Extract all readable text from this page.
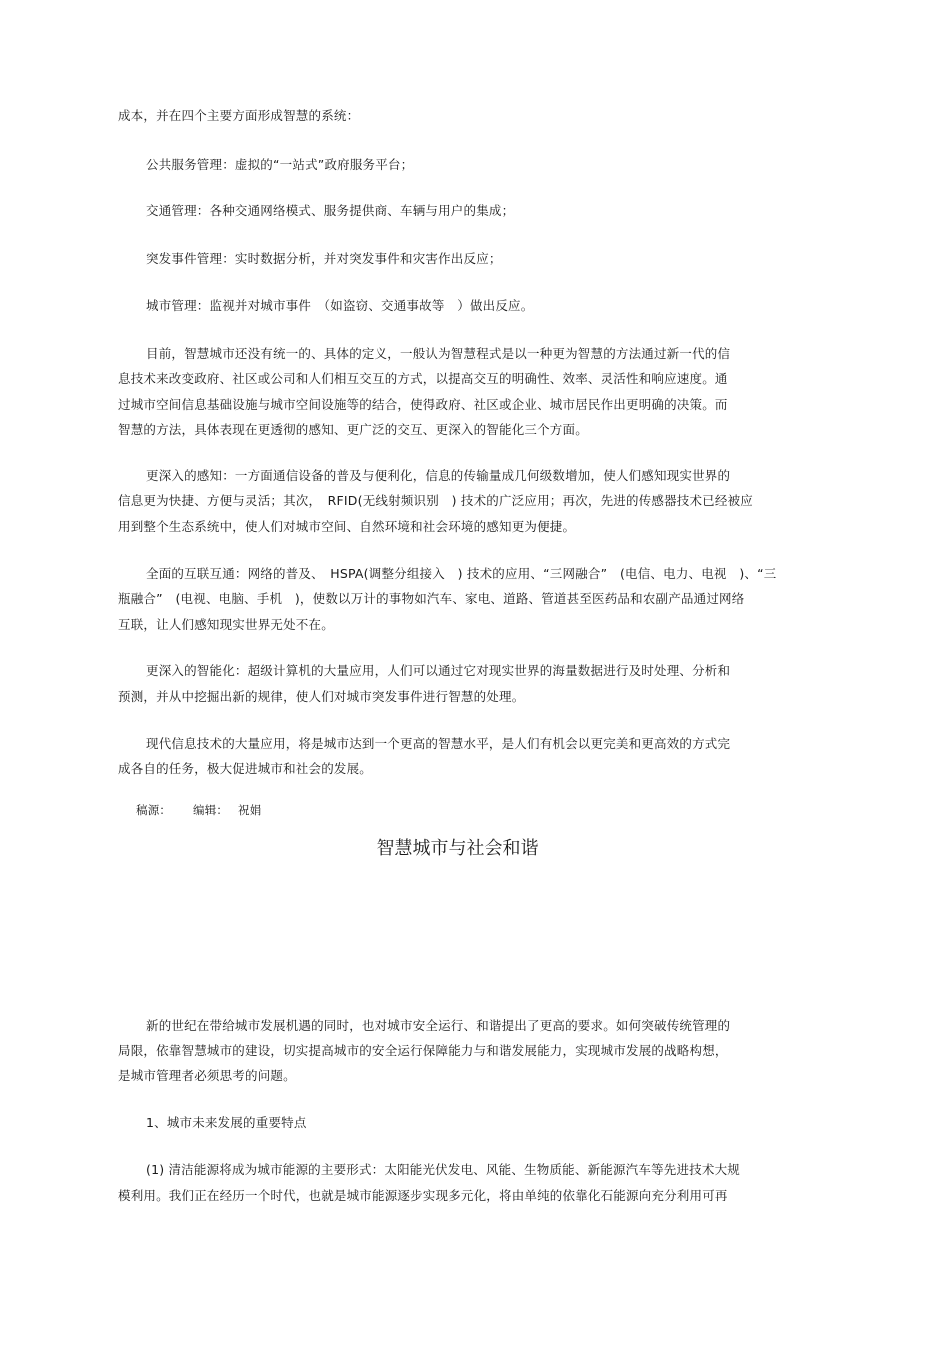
成本，并在四个主要方面形成智慧的系统：
公共服务管理：虚拟的“一站式”政府服务平台；
交通管理：各种交通网络模式、服务提供商、车辆与用户的集成；
突发事件管理：实时数据分析，并对突发事件和灾害作出反应；
城市管理：监视并对城市事件　（如盗窃、交通事故等　）做出反应。
目前，智慧城市还没有统一的、具体的定义，一般认为智慧程式是以一种更为智慧的方法通过新一代的信
息技术来改变政府、社区或公司和人们相互交互的方式，以提高交互的明确性、效率、灵活性和响应速度。通
过城市空间信息基础设施与城市空间设施等的结合，使得政府、社区或企业、城市居民作出更明确的决策。而
智慧的方法，具体表现在更透彻的感知、更广泛的交互、更深入的智能化三个方面。
更深入的感知：一方面通信设备的普及与便利化，信息的传输量成几何级数增加，使人们感知现实世界的
信息更为快捷、方便与灵活；其次，　RFID(无线射频识别　) 技术的广泛应用；再次，先进的传感器技术已经被应
用到整个生态系统中，使人们对城市空间、自然环境和社会环境的感知更为便捷。
全面的互联互通：网络的普及、　HSPA(调整分组接入　) 技术的应用、“三网融合”　(电信、电力、电视　)、“三
瓶融合”　(电视、电脑、手机　)，使数以万计的事物如汽车、家电、道路、管道甚至医药品和农副产品通过网络
互联，让人们感知现实世界无处不在。
更深入的智能化：超级计算机的大量应用，人们可以通过它对现实世界的海量数据进行及时处理、分析和
预测，并从中挖掘出新的规律，使人们对城市突发事件进行智慧的处理。
现代信息技术的大量应用，将是城市达到一个更高的智慧水平，是人们有机会以更完美和更高效的方式完
成各自的任务，极大促进城市和社会的发展。
稿源： 编辑： 祝娟
智慧城市与社会和谐
新的世纪在带给城市发展机遇的同时，也对城市安全运行、和谐提出了更高的要求。如何突破传统管理的
局限，依靠智慧城市的建设，切实提高城市的安全运行保障能力与和谐发展能力，实现城市发展的战略构想，
是城市管理者必须思考的问题。
1、城市未来发展的重要特点
(1) 清洁能源将成为城市能源的主要形式：太阳能光伏发电、风能、生物质能、新能源汽车等先进技术大规
模利用。我们正在经历一个时代，也就是城市能源逐步实现多元化，将由单纯的依靠化石能源向充分利用可再
